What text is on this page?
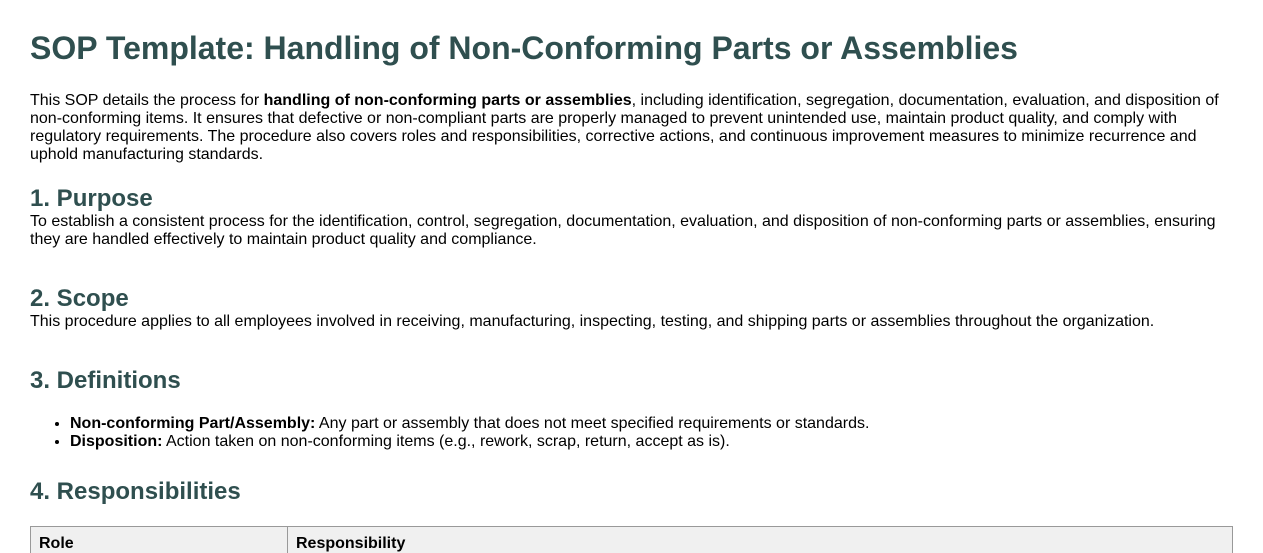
SOP Template: Handling of Non-Conforming Parts or Assemblies

This SOP details the process for handling of non-conforming parts or assemblies, including identification, segregation, documentation, evaluation, and disposition of non-conforming items. It ensures that defective or non-compliant parts are properly managed to prevent unintended use, maintain product quality, and comply with regulatory requirements. The procedure also covers roles and responsibilities, corrective actions, and continuous improvement measures to minimize recurrence and uphold manufacturing standards.

1. Purpose

To establish a consistent process for the identification, control, segregation, documentation, evaluation, and disposition of non-conforming parts or assemblies, ensuring they are handled effectively to maintain product quality and compliance.

2. Scope

This procedure applies to all employees involved in receiving, manufacturing, inspecting, testing, and shipping parts or assemblies throughout the organization.

3. Definitions
• Non-conforming Part/Assembly: Any part or assembly that does not meet specified requirements or standards.
• Disposition: Action taken on non-conforming items (e.g., rework, scrap, return, accept as is).
4. Responsibilities
Role	Responsibility
